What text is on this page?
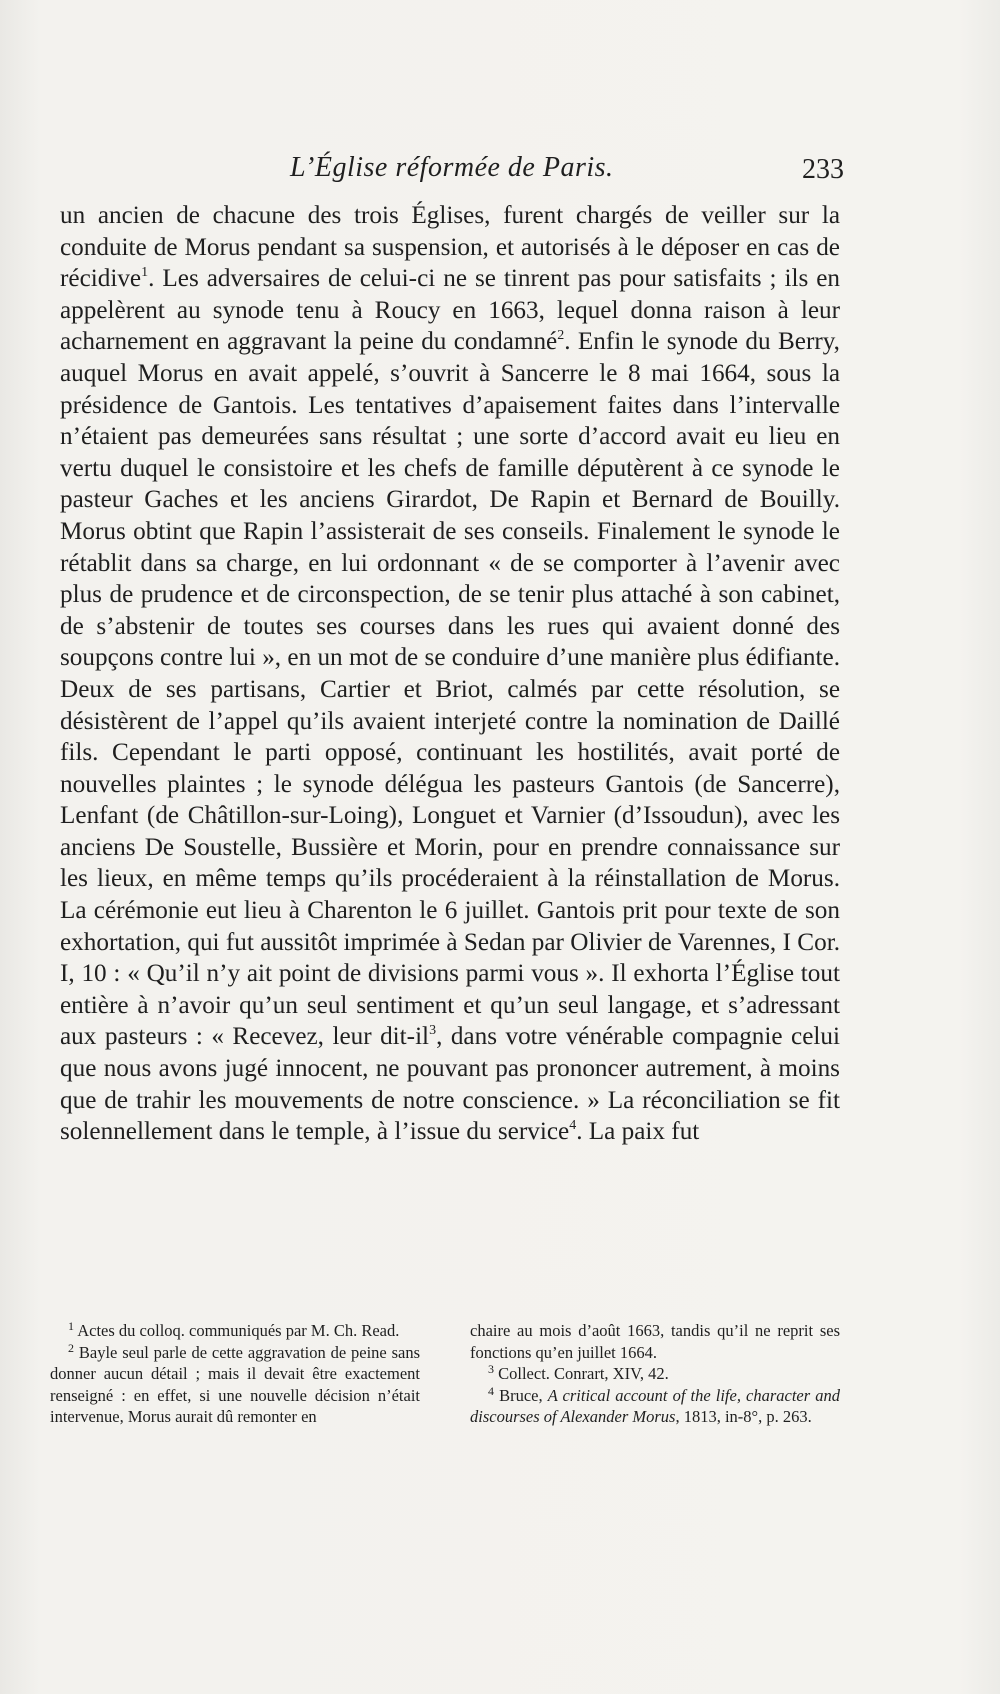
L’Église réformée de Paris.	233

un ancien de chacune des trois Églises, furent chargés de veiller sur la conduite de Morus pendant sa suspension, et autorisés à le déposer en cas de récidive$^1$. Les adversaires de celui-ci ne se tinrent pas pour satisfaits ; ils en appelèrent au synode tenu à Roucy en 1663, lequel donna raison à leur acharnement en aggravant la peine du condamné$^2$. Enfin le synode du Berry, auquel Morus en avait appelé, s’ouvrit à Sancerre le 8 mai 1664, sous la présidence de Gantois. Les tentatives d’apaisement faites dans l’intervalle n’étaient pas demeurées sans résultat ; une sorte d’accord avait eu lieu en vertu duquel le consistoire et les chefs de famille députèrent à ce synode le pasteur Gaches et les anciens Girardot, De Rapin et Bernard de Bouilly. Morus obtint que Rapin l’assisterait de ses conseils. Finalement le synode le rétablit dans sa charge, en lui ordonnant « de se comporter à l’avenir avec plus de prudence et de circonspection, de se tenir plus attaché à son cabinet, de s’abstenir de toutes ses courses dans les rues qui avaient donné des soupçons contre lui », en un mot de se conduire d’une manière plus édifiante. Deux de ses partisans, Cartier et Briot, calmés par cette résolution, se désistèrent de l’appel qu’ils avaient interjeté contre la nomination de Daillé fils. Cependant le parti opposé, continuant les hostilités, avait porté de nouvelles plaintes ; le synode délégua les pasteurs Gantois (de Sancerre), Lenfant (de Châtillon-sur-Loing), Longuet et Varnier (d’Issoudun), avec les anciens De Soustelle, Bussière et Morin, pour en prendre connaissance sur les lieux, en même temps qu’ils procéderaient à la réinstallation de Morus. La cérémonie eut lieu à Charenton le 6 juillet. Gantois prit pour texte de son exhortation, qui fut aussitôt imprimée à Sedan par Olivier de Varennes, I Cor. I, 10 : « Qu’il n’y ait point de divisions parmi vous ». Il exhorta l’Église tout entière à n’avoir qu’un seul sentiment et qu’un seul langage, et s’adressant aux pasteurs : « Recevez, leur dit-$il^3$, dans votre vénérable compagnie celui que nous avons jugé innocent, ne pouvant pas prononcer autrement, à moins que de trahir les mouvements de notre conscience. » La réconciliation se fit solennellement dans le temple, à l’issue du service$^4$. La paix fut

$^1$ Actes du colloq. communiqués par M. Ch. Read.

$^2$ Bayle seul parle de cette aggravation de peine sans donner aucun détail ; mais il devait être exactement renseigné : en effet, si une nouvelle décision n’était intervenue, Morus aurait dû remonter en

chaire au mois d’août 1663, tandis qu’il ne reprit ses fonctions qu’en juillet 1664.

$^3$ Collect. Conrart, XIV, 42.

$^4$ Bruce, A critical account of the life, character and discourses of Alexander Morus, 1813, in-8°, p. 263.
